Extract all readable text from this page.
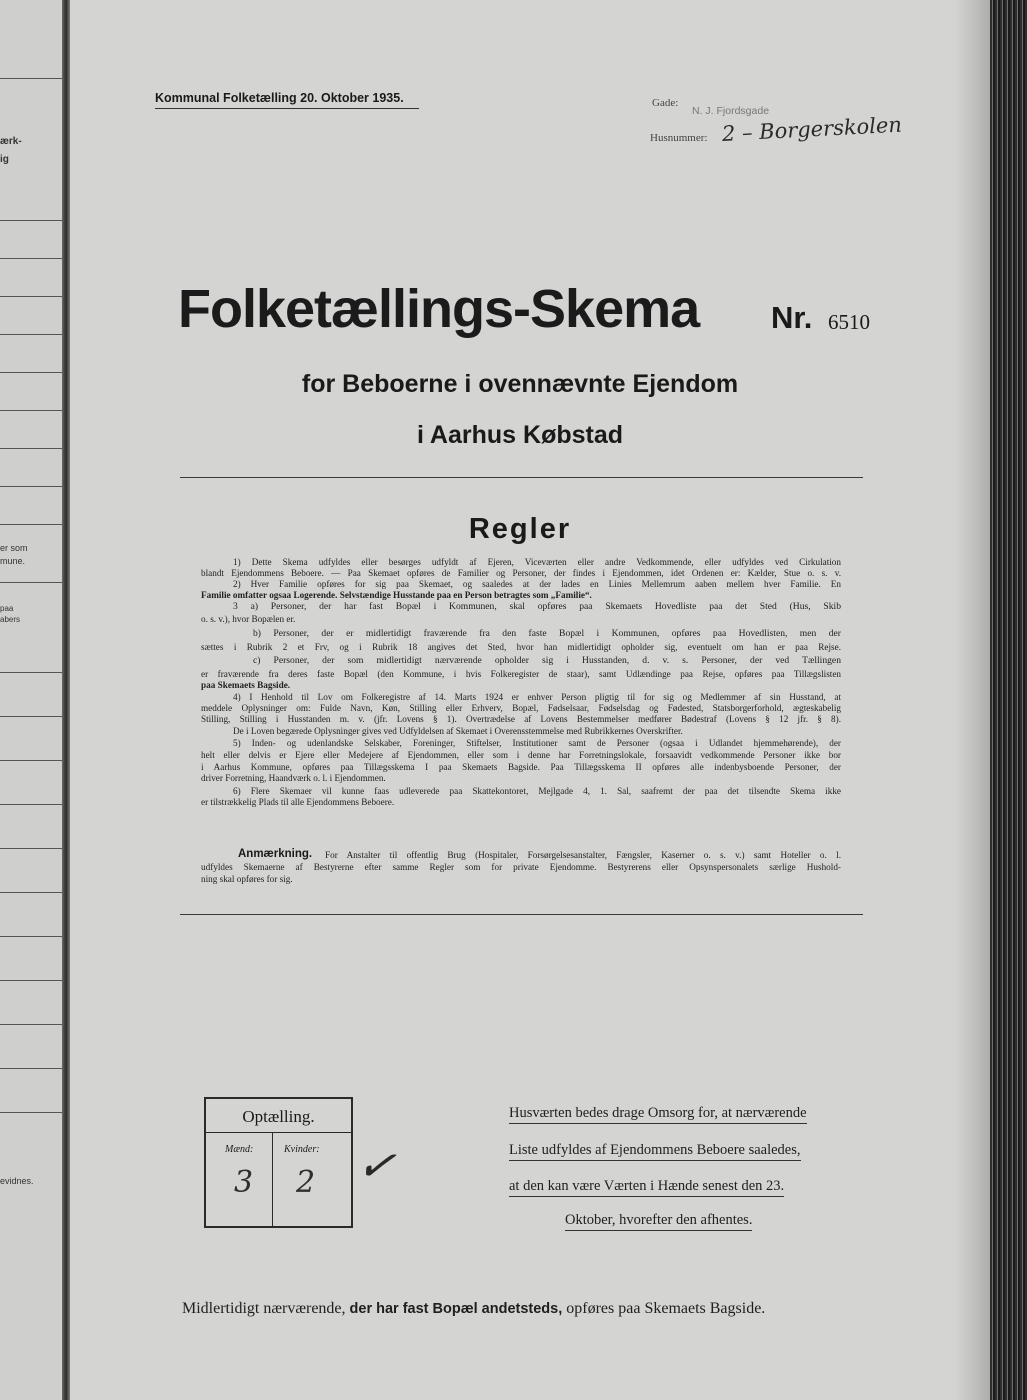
ærk-
ig
er som
mune.
paa
abers
evidnes.
Kommunal Folketælling 20. Oktober 1935.	Gade:
N. J. Fjordsgade
Husnummer: 2 – Borgerskolen
Folketællings-Skema Nr. 6510
for Beboerne i ovennævnte Ejendom
i Aarhus Købstad
Regler
1) Dette Skema udfyldes eller besørges udfyldt af Ejeren, Viceværten eller andre Vedkommende, eller udfyldes ved Cirkulation
blandt Ejendommens Beboere. — Paa Skemaet opføres de Familier og Personer, der findes i Ejendommen, idet Ordenen er: Kælder, Stue o. s. v.
2) Hver Familie opføres for sig paa Skemaet, og saaledes at der lades en Linies Mellemrum aaben mellem hver Familie. En
Familie omfatter ogsaa Logerende. Selvstændige Husstande paa en Person betragtes som „Familie“.
3 a) Personer, der har fast Bopæl i Kommunen, skal opføres paa Skemaets Hovedliste paa det Sted (Hus, Skib
o. s. v.), hvor Bopælen er.
b) Personer, der er midlertidigt fraværende fra den faste Bopæl i Kommunen, opføres paa Hovedlisten, men der
sættes i Rubrik 2 et Frv, og i Rubrik 18 angives det Sted, hvor han midlertidigt opholder sig, eventuelt om han er paa Rejse.
c) Personer, der som midlertidigt nærværende opholder sig i Husstanden, d. v. s. Personer, der ved Tællingen
er fraværende fra deres faste Bopæl (den Kommune, i hvis Folkeregister de staar), samt Udlændinge paa Rejse, opføres paa Tillægslisten
paa Skemaets Bagside.
4) I Henhold til Lov om Folkeregistre af 14. Marts 1924 er enhver Person pligtig til for sig og Medlemmer af sin Husstand, at
meddele Oplysninger om: Fulde Navn, Køn, Stilling eller Erhverv, Bopæl, Fødselsaar, Fødselsdag og Fødested, Statsborgerforhold, ægteskabelig
Stilling, Stilling i Husstanden m. v. (jfr. Lovens § 1). Overtrædelse af Lovens Bestemmelser medfører Bødestraf (Lovens § 12 jfr. § 8).
De i Loven begærede Oplysninger gives ved Udfyldelsen af Skemaet i Overensstemmelse med Rubrikkernes Overskrifter.
5) Inden- og udenlandske Selskaber, Foreninger, Stiftelser, Institutioner samt de Personer (ogsaa i Udlandet hjemmehørende), der
helt eller delvis er Ejere eller Medejere af Ejendommen, eller som i denne har Forretningslokale, forsaavidt vedkommende Personer ikke bor
i Aarhus Kommune, opføres paa Tillægsskema I paa Skemaets Bagside. Paa Tillægsskema II opføres alle indenbysboende Personer, der
driver Forretning, Haandværk o. l. i Ejendommen.
6) Flere Skemaer vil kunne faas udleverede paa Skattekontoret, Mejlgade 4, 1. Sal, saafremt der paa det tilsendte Skema ikke
er tilstrækkelig Plads til alle Ejendommens Beboere.
Anmærkning. For Anstalter til offentlig Brug (Hospitaler, Forsørgelsesanstalter, Fængsler, Kaserner o. s. v.) samt Hoteller o. l.
udfyldes Skemaerne af Bestyrerne efter samme Regler som for private Ejendomme. Bestyrerens eller Opsynspersonalets særlige Hushold-
ning skal opføres for sig.
Optælling.
Mænd:	Kvinder:
3 2 ✓
Husværten bedes drage Omsorg for, at nærværende
Liste udfyldes af Ejendommens Beboere saaledes,
at den kan være Værten i Hænde senest den 23.
Oktober, hvorefter den afhentes.
Midlertidigt nærværende, der har fast Bopæl andetsteds, opføres paa Skemaets Bagside.
